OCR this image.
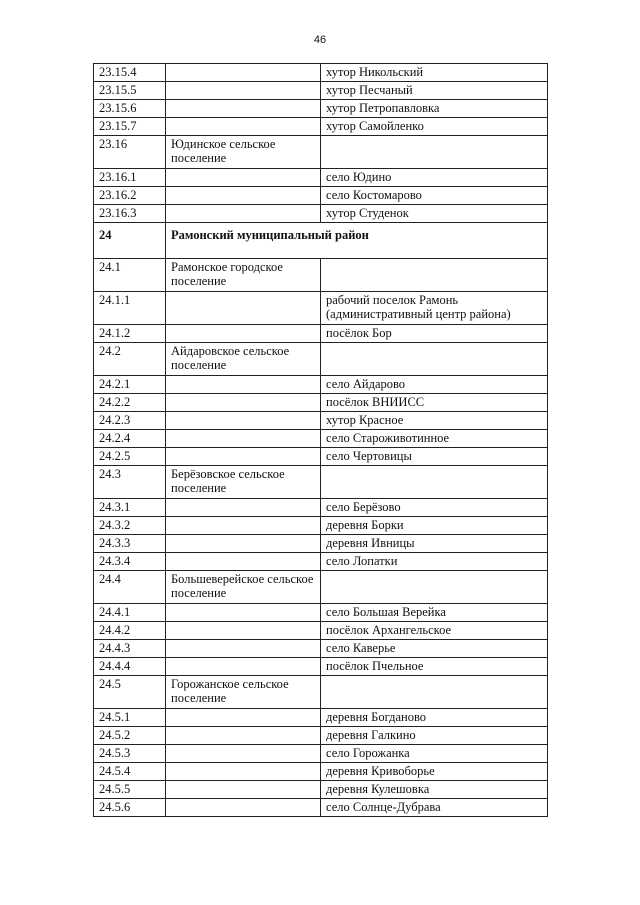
46
23.15.4		хутор Никольский
23.15.5		хутор Песчаный
23.15.6		хутор Петропавловка
23.15.7		хутор Самойленко
23.16	Юдинское сельское поселение	
23.16.1		село Юдино
23.16.2		село Костомарово
23.16.3		хутор Студенок
24	Рамонский муниципальный район	
24.1	Рамонское городское поселение	
24.1.1		рабочий поселок Рамонь (административный центр района)
24.1.2		посёлок Бор
24.2	Айдаровское сельское поселение	
24.2.1		село Айдарово
24.2.2		посёлок ВНИИСС
24.2.3		хутор Красное
24.2.4		село Староживотинное
24.2.5		село Чертовицы
24.3	Берёзовское сельское поселение	
24.3.1		село Берёзово
24.3.2		деревня Борки
24.3.3		деревня Ивницы
24.3.4		село Лопатки
24.4	Большеверейское сельское поселение	
24.4.1		село Большая Верейка
24.4.2		посёлок Архангельское
24.4.3		село Каверье
24.4.4		посёлок Пчельное
24.5	Горожанское сельское поселение	
24.5.1		деревня Богданово
24.5.2		деревня Галкино
24.5.3		село Горожанка
24.5.4		деревня Кривоборье
24.5.5		деревня Кулешовка
24.5.6		село Солнце-Дубрава
